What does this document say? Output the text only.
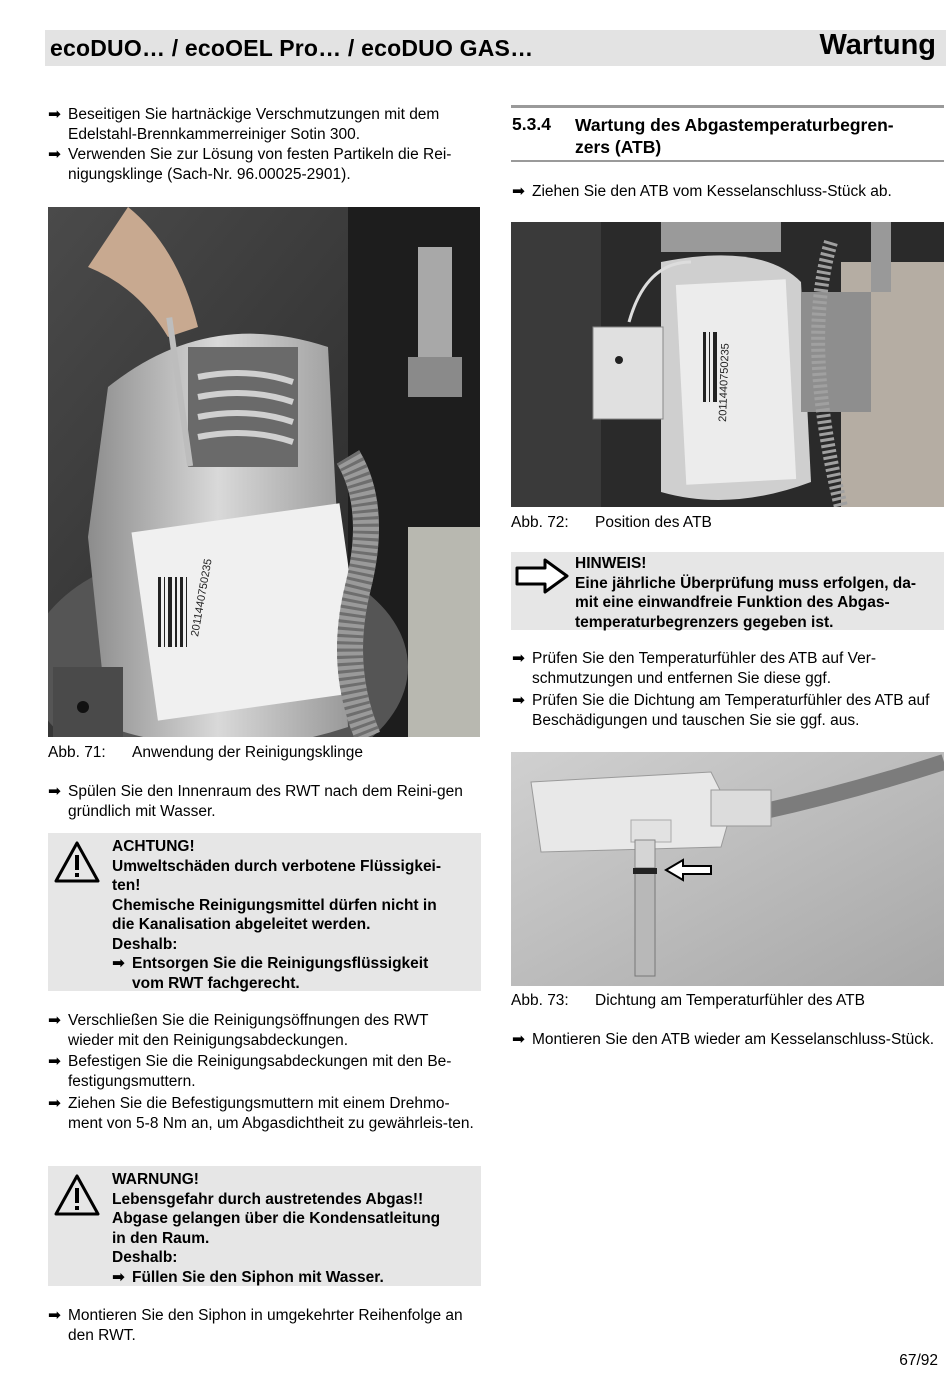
ecoDUO… / ecoOEL Pro… / ecoDUO GAS…	Wartung
➡ Beseitigen Sie hartnäckige Verschmutzungen mit dem Edelstahl-Brennkammerreiniger Sotin 300.
➡ Verwenden Sie zur Lösung von festen Partikeln die Rei-nigungsklinge (Sach-Nr. 96.00025-2901).
2011440750235
Abb. 71: Anwendung der Reinigungsklinge
➡ Spülen Sie den Innenraum des RWT nach dem Reini-gen gründlich mit Wasser.
ACHTUNG!
Umweltschäden durch verbotene Flüssigkei-
ten!
Chemische Reinigungsmittel dürfen nicht in
die Kanalisation abgeleitet werden.
Deshalb:
➡ Entsorgen Sie die Reinigungsflüssigkeit
vom RWT fachgerecht.
➡ Verschließen Sie die Reinigungsöffnungen des RWT wieder mit den Reinigungsabdeckungen.
➡ Befestigen Sie die Reinigungsabdeckungen mit den Be-festigungsmuttern.
➡ Ziehen Sie die Befestigungsmuttern mit einem Drehmo-ment von 5-8 Nm an, um Abgasdichtheit zu gewährleis-ten.
WARNUNG!
Lebensgefahr durch austretendes Abgas!!
Abgase gelangen über die Kondensatleitung
in den Raum.
Deshalb:
➡ Füllen Sie den Siphon mit Wasser.
➡ Montieren Sie den Siphon in umgekehrter Reihenfolge an den RWT.
5.3.4 Wartung des Abgastemperaturbegren-
zers (ATB)
➡ Ziehen Sie den ATB vom Kesselanschluss-Stück ab.
2011440750235
Abb. 72: Position des ATB
HINWEIS!
Eine jährliche Überprüfung muss erfolgen, da-
mit eine einwandfreie Funktion des Abgas-
temperaturbegrenzers gegeben ist.
➡ Prüfen Sie den Temperaturfühler des ATB auf Ver-schmutzungen und entfernen Sie diese ggf.
➡ Prüfen Sie die Dichtung am Temperaturfühler des ATB auf Beschädigungen und tauschen Sie sie ggf. aus.
Abb. 73: Dichtung am Temperaturfühler des ATB
➡ Montieren Sie den ATB wieder am Kesselanschluss-Stück.
67/92
